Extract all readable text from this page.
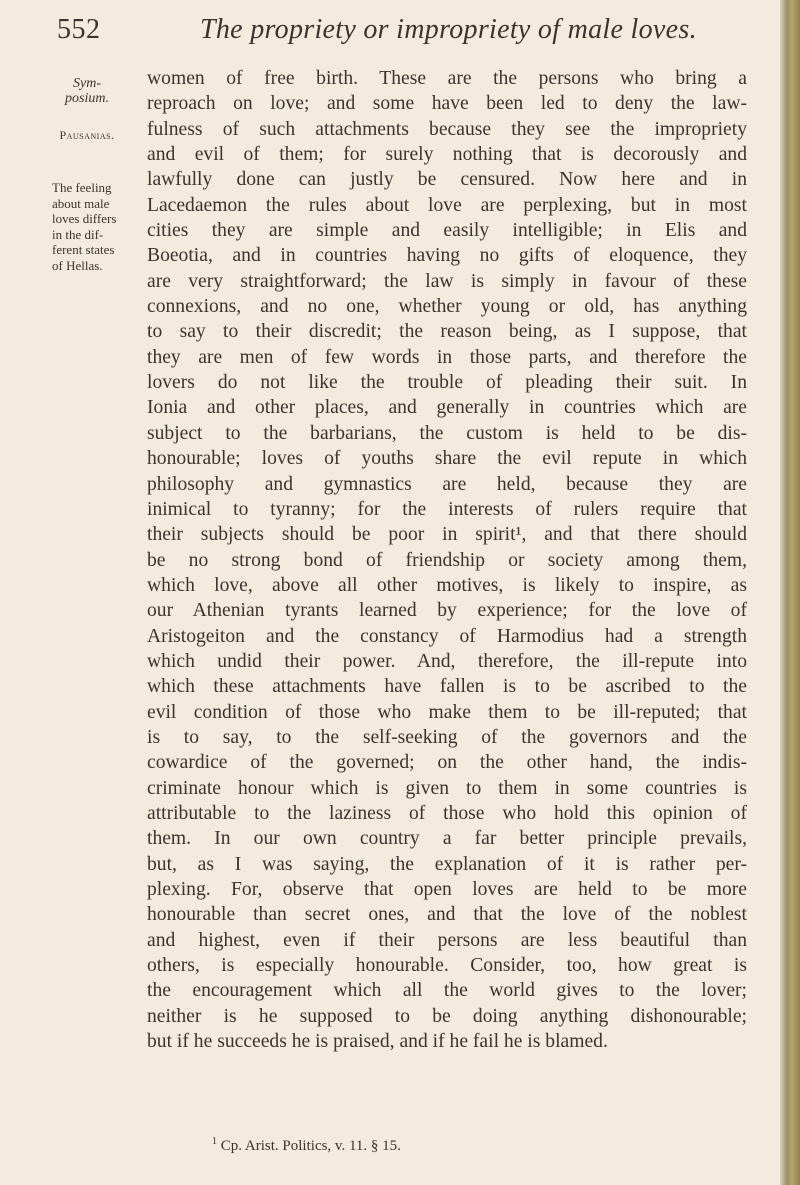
552	The propriety or impropriety of male loves.
Sym-
posium.
Pausanias.
The feeling
about male
loves differs
in the dif-
ferent states
of Hellas.
women of free birth. These are the persons who bring a
reproach on love; and some have been led to deny the law-
fulness of such attachments because they see the impropriety
and evil of them; for surely nothing that is decorously and
lawfully done can justly be censured. Now here and in
Lacedaemon the rules about love are perplexing, but in most
cities they are simple and easily intelligible; in Elis and
Boeotia, and in countries having no gifts of eloquence, they
are very straightforward; the law is simply in favour of these
connexions, and no one, whether young or old, has anything
to say to their discredit; the reason being, as I suppose, that
they are men of few words in those parts, and therefore the
lovers do not like the trouble of pleading their suit. In
Ionia and other places, and generally in countries which are
subject to the barbarians, the custom is held to be dis-
honourable; loves of youths share the evil repute in which
philosophy and gymnastics are held, because they are
inimical to tyranny; for the interests of rulers require that
their subjects should be poor in spirit¹, and that there should
be no strong bond of friendship or society among them,
which love, above all other motives, is likely to inspire, as
our Athenian tyrants learned by experience; for the love of
Aristogeiton and the constancy of Harmodius had a strength
which undid their power. And, therefore, the ill-repute into
which these attachments have fallen is to be ascribed to the
evil condition of those who make them to be ill-reputed; that
is to say, to the self-seeking of the governors and the
cowardice of the governed; on the other hand, the indis-
criminate honour which is given to them in some countries is
attributable to the laziness of those who hold this opinion of
them. In our own country a far better principle prevails,
but, as I was saying, the explanation of it is rather per-
plexing. For, observe that open loves are held to be more
honourable than secret ones, and that the love of the noblest
and highest, even if their persons are less beautiful than
others, is especially honourable. Consider, too, how great is
the encouragement which all the world gives to the lover;
neither is he supposed to be doing anything dishonourable;
but if he succeeds he is praised, and if he fail he is blamed.
$^1$ Cp. Arist. Politics, v. 11. § 15.
